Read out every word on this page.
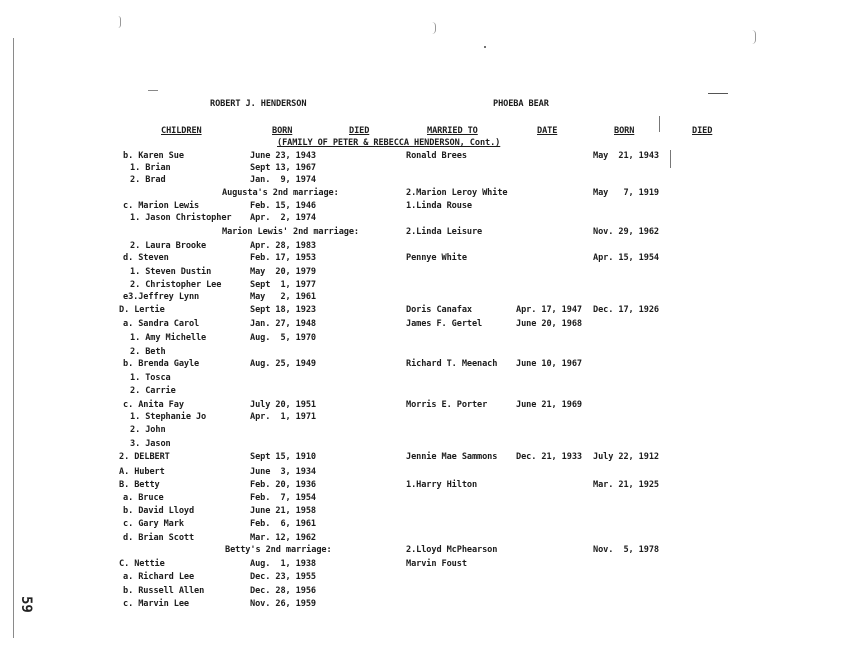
ROBERT J. HENDERSON	PHOEBA BEAR
CHILDREN	BORN	DIED	MARRIED TO	DATE	BORN	DIED
(FAMILY OF PETER & REBECCA HENDERSON, Cont.)
b. Karen Sue	June 23, 1943	Ronald Brees	May  21, 1943
1. Brian	Sept 13, 1967
2. Brad	Jan.  9, 1974
Augusta's 2nd marriage:	2.Marion Leroy White	May   7, 1919
c. Marion Lewis	Feb. 15, 1946	1.Linda Rouse
1. Jason Christopher Apr.  2, 1974
Marion Lewis' 2nd marriage:	2.Linda Leisure	Nov. 29, 1962
2. Laura Brooke	Apr. 28, 1983
d. Steven	Feb. 17, 1953	Pennye White	Apr. 15, 1954
1. Steven Dustin	May  20, 1979
2. Christopher Lee	Sept  1, 1977
e3.Jeffrey Lynn	May   2, 1961
D. Lertie	Sept 18, 1923	Doris Canafax	Apr. 17, 1947 Dec. 17, 1926
a. Sandra Carol	Jan. 27, 1948	James F. Gertel	June 20, 1968
1. Amy Michelle	Aug.  5, 1970
2. Beth
b. Brenda Gayle	Aug. 25, 1949	Richard T. Meenach June 10, 1967
1. Tosca
2. Carrie
c. Anita Fay	July 20, 1951	Morris E. Porter	June 21, 1969
1. Stephanie Jo	Apr.  1, 1971
2. John
3. Jason
2. DELBERT	Sept 15, 1910	Jennie Mae Sammons Dec. 21, 1933 July 22, 1912
A. Hubert	June  3, 1934
B. Betty	Feb. 20, 1936	1.Harry Hilton	Mar. 21, 1925
a. Bruce	Feb.  7, 1954
b. David Lloyd	June 21, 1958
c. Gary Mark	Feb.  6, 1961
d. Brian Scott	Mar. 12, 1962
Betty's 2nd marriage:	2.Lloyd McPhearson	Nov.  5, 1978
C. Nettie	Aug.  1, 1938	Marvin Foust
a. Richard Lee	Dec. 23, 1955
b. Russell Allen	Dec. 28, 1956
c. Marvin Lee	Nov. 26, 1959
59
